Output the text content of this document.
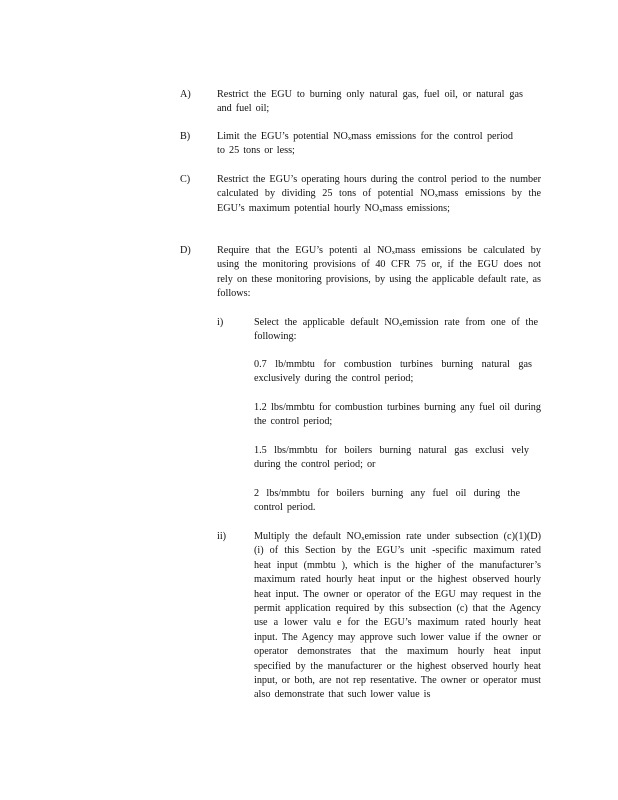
A)	Restrict the EGU to burning only natural gas, fuel oil, or natural gas and fuel oil;
B)	Limit the EGU’s potential $NO_xmass$ emissions for the control period to 25 tons or less;
C)	Restrict the EGU’s operating hours during the control period to the number calculated by dividing 25 tons of potential $NO_xmass$ emissions by the EGU’s maximum potential hourly $NO_xmass$ emissions;
D)	Require that the EGU’s potenti al $NO_xmass$ emissions be calculated by using the monitoring provisions of 40 CFR 75 or, if the EGU does not rely on these monitoring provisions, by using the applicable default rate, as follows:
i)	Select the applicable default $NO_xemission$ rate from one of the following:
0.7 lb/mmbtu for combustion turbines burning natural gas exclusively during the control period;
1.2 lbs/mmbtu for combustion turbines burning any fuel oil during the control period;
1.5 lbs/mmbtu for boilers burning natural gas exclusi vely during the control period; or
2 lbs/mmbtu for boilers burning any fuel oil during the control period.
ii)	Multiply the default $NO_xemission$ rate under subsection (c)(1)(D)(i) of this Section by the EGU’s unit -specific maximum rated heat input (mmbtu ), which is the higher of the manufacturer’s maximum rated hourly heat input or the highest observed hourly heat input. The owner or operator of the EGU may request in the permit application required by this subsection (c) that the Agency use a lower valu e for the EGU’s maximum rated hourly heat input. The Agency may approve such lower value if the owner or operator demonstrates that the maximum hourly heat input specified by the manufacturer or the highest observed hourly heat input, or both, are not rep resentative. The owner or operator must also demonstrate that such lower value is
